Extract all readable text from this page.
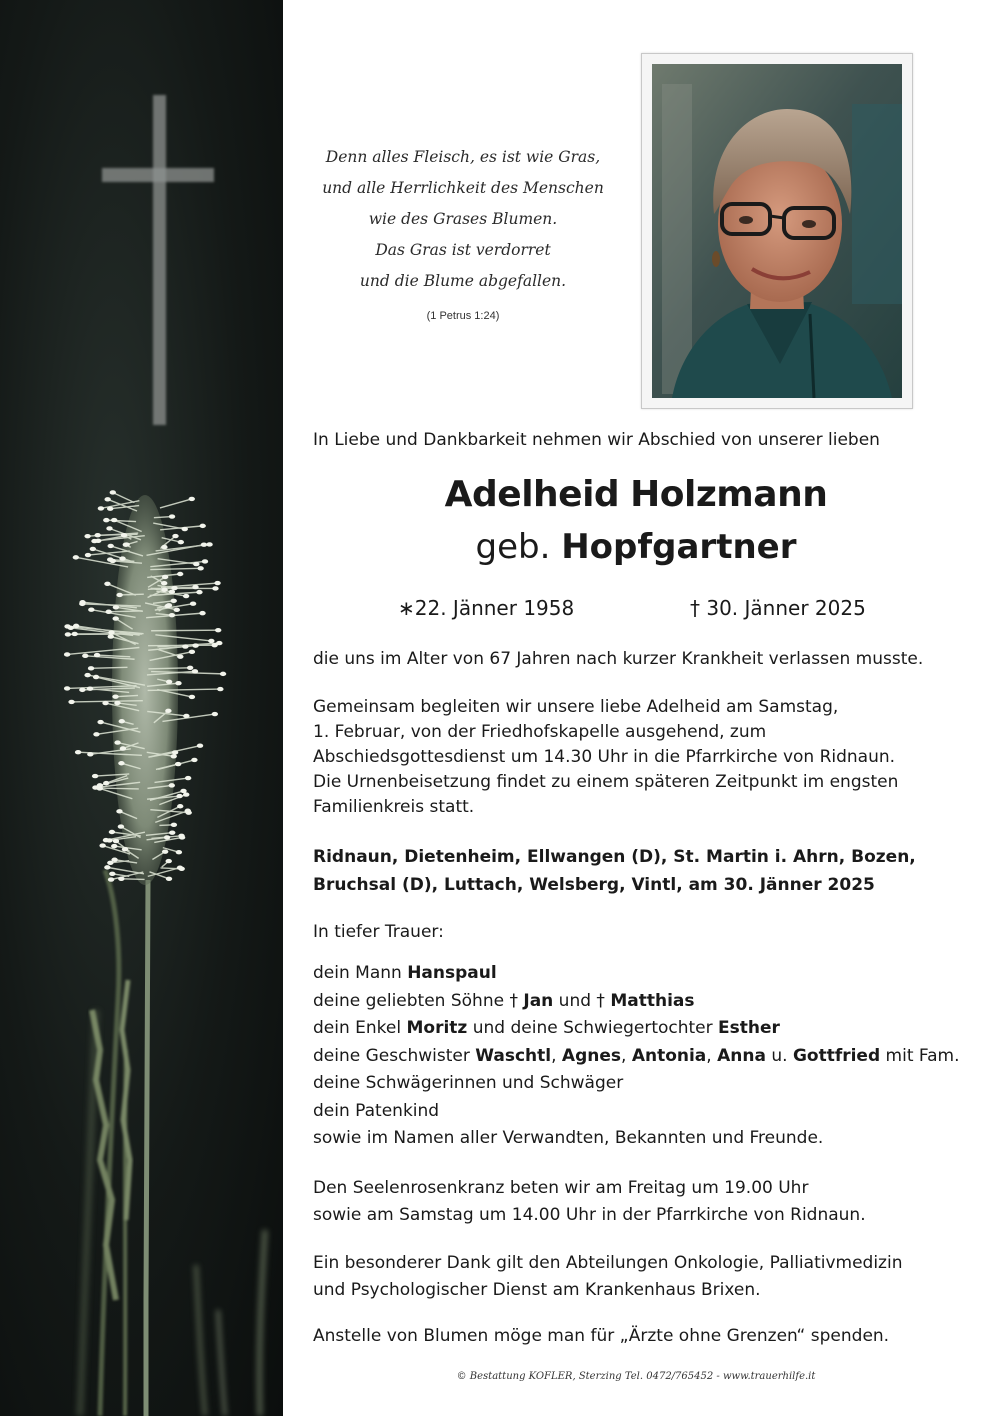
Denn alles Fleisch, es ist wie Gras,
und alle Herrlichkeit des Menschen
wie des Grases Blumen.
Das Gras ist verdorret
und die Blume abgefallen.
(1 Petrus 1:24)
In Liebe und Dankbarkeit nehmen wir Abschied von unserer lieben
Adelheid Holzmann
geb. Hopfgartner
∗22. Jänner 1958	† 30. Jänner 2025

die uns im Alter von 67 Jahren nach kurzer Krankheit verlassen musste.

Gemeinsam begleiten wir unsere liebe Adelheid am Samstag,
1. Februar, von der Friedhofskapelle ausgehend, zum
Abschiedsgottesdienst um 14.30 Uhr in die Pfarrkirche von Ridnaun.
Die Urnenbeisetzung findet zu einem späteren Zeitpunkt im engsten
Familienkreis statt.

Ridnaun, Dietenheim, Ellwangen (D), St. Martin i. Ahrn, Bozen,
Bruchsal (D), Luttach, Welsberg, Vintl, am 30. Jänner 2025

In tiefer Trauer:

dein Mann Hanspaul
deine geliebten Söhne † Jan und † Matthias
dein Enkel Moritz und deine Schwiegertochter Esther
deine Geschwister Waschtl, Agnes, Antonia, Anna u. Gottfried mit Fam.
deine Schwägerinnen und Schwäger
dein Patenkind
sowie im Namen aller Verwandten, Bekannten und Freunde.

Den Seelenrosenkranz beten wir am Freitag um 19.00 Uhr
sowie am Samstag um 14.00 Uhr in der Pfarrkirche von Ridnaun.

Ein besonderer Dank gilt den Abteilungen Onkologie, Palliativmedizin
und Psychologischer Dienst am Krankenhaus Brixen.

Anstelle von Blumen möge man für „Ärzte ohne Grenzen“ spenden.

© Bestattung KOFLER, Sterzing Tel. 0472/765452 - www.trauerhilfe.it
